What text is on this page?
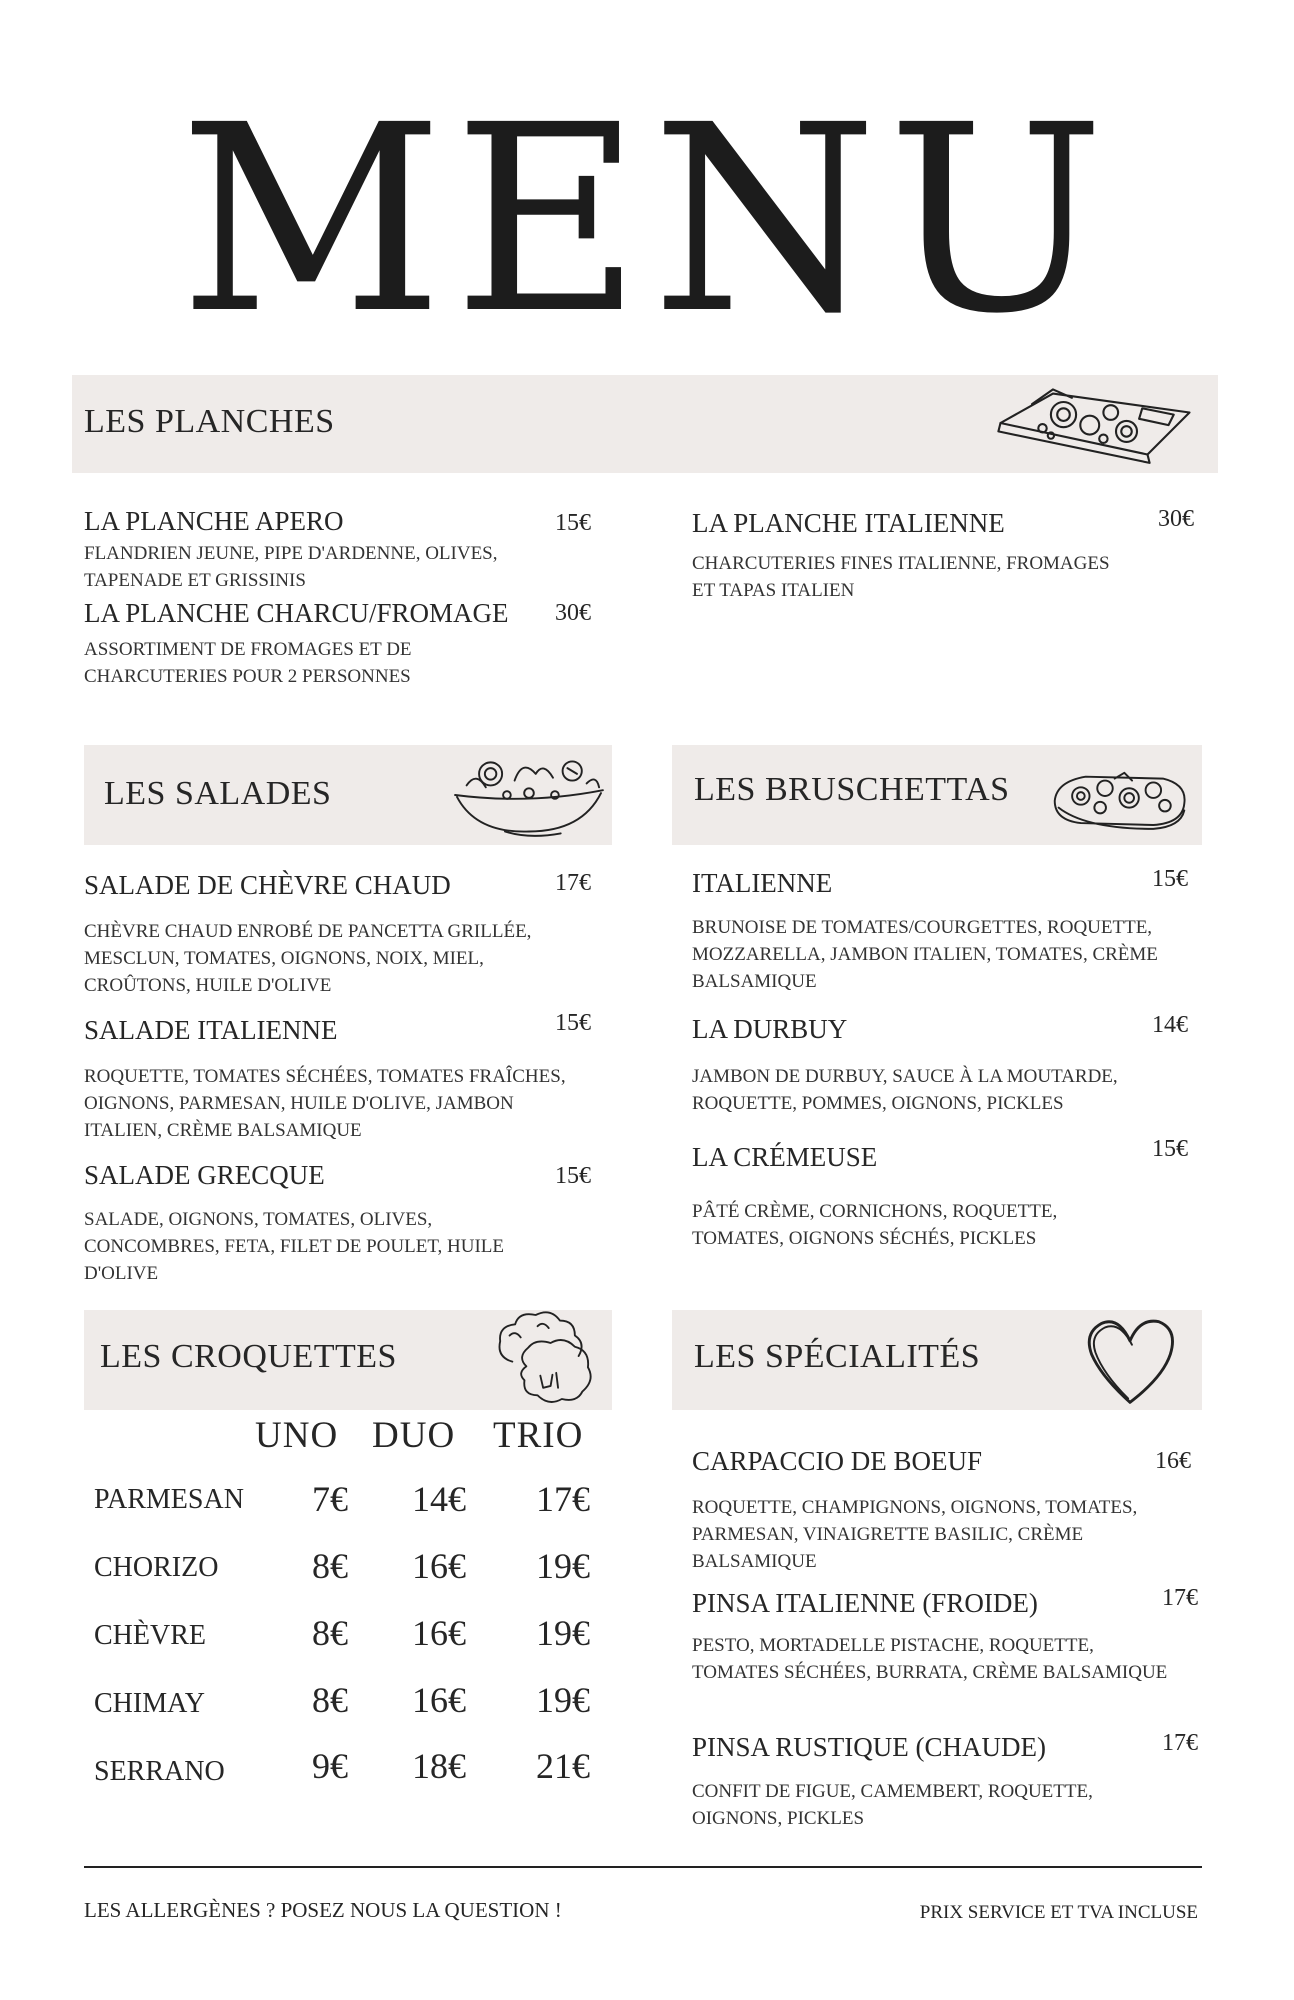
MENU
LES PLANCHES
LA PLANCHE APERO	15€
FLANDRIEN JEUNE, PIPE D'ARDENNE, OLIVES, TAPENADE ET GRISSINIS
LA PLANCHE CHARCU/FROMAGE 30€
ASSORTIMENT DE FROMAGES ET DE CHARCUTERIES POUR 2 PERSONNES
LA PLANCHE ITALIENNE	30€
CHARCUTERIES FINES ITALIENNE, FROMAGES ET TAPAS ITALIEN
LES SALADES
SALADE DE CHÈVRE CHAUD	17€
CHÈVRE CHAUD ENROBÉ DE PANCETTA GRILLÉE, MESCLUN, TOMATES, OIGNONS, NOIX, MIEL, CROÛTONS, HUILE D'OLIVE
SALADE ITALIENNE	15€
ROQUETTE, TOMATES SÉCHÉES, TOMATES FRAÎCHES, OIGNONS, PARMESAN, HUILE D'OLIVE, JAMBON ITALIEN, CRÈME BALSAMIQUE
SALADE GRECQUE	15€
SALADE, OIGNONS, TOMATES, OLIVES, CONCOMBRES, FETA, FILET DE POULET, HUILE D'OLIVE
LES BRUSCHETTAS
ITALIENNE	15€
BRUNOISE DE TOMATES/COURGETTES, ROQUETTE, MOZZARELLA, JAMBON ITALIEN, TOMATES, CRÈME BALSAMIQUE
LA DURBUY	14€
JAMBON DE DURBUY, SAUCE À LA MOUTARDE, ROQUETTE, POMMES, OIGNONS, PICKLES
LA CRÉMEUSE	15€
PÂTÉ CRÈME, CORNICHONS, ROQUETTE, TOMATES, OIGNONS SÉCHÉS, PICKLES
LES CROQUETTES
UNO DUO TRIO
PARMESAN	7€	14€	17€
CHORIZO	8€	16€	19€
CHÈVRE	8€	16€	19€
CHIMAY	8€	16€	19€
SERRANO	9€	18€	21€
LES SPÉCIALITÉS
CARPACCIO DE BOEUF	16€
ROQUETTE, CHAMPIGNONS, OIGNONS, TOMATES, PARMESAN, VINAIGRETTE BASILIC, CRÈME BALSAMIQUE
PINSA ITALIENNE (FROIDE)	17€
PESTO, MORTADELLE PISTACHE, ROQUETTE, TOMATES SÉCHÉES, BURRATA, CRÈME BALSAMIQUE
PINSA RUSTIQUE (CHAUDE)	17€
CONFIT DE FIGUE, CAMEMBERT, ROQUETTE, OIGNONS, PICKLES
LES ALLERGÈNES ? POSEZ NOUS LA QUESTION !	PRIX SERVICE ET TVA INCLUSE
